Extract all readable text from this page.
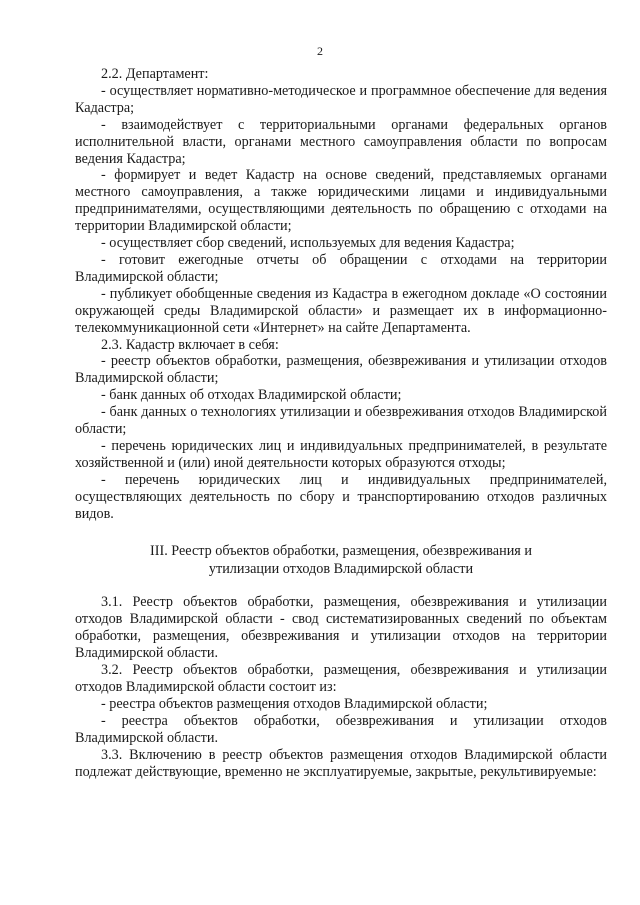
2

2.2. Департамент:

- осуществляет нормативно-методическое и программное обеспечение для ведения Кадастра;

- взаимодействует с территориальными органами федеральных органов исполнительной власти, органами местного самоуправления области по вопросам ведения Кадастра;

- формирует и ведет Кадастр на основе сведений, представляемых органами местного самоуправления, а также юридическими лицами и индивидуальными предпринимателями, осуществляющими деятельность по обращению с отходами на территории Владимирской области;

- осуществляет сбор сведений, используемых для ведения Кадастра;

- готовит ежегодные отчеты об обращении с отходами на территории Владимирской области;

- публикует обобщенные сведения из Кадастра в ежегодном докладе «О состоянии окружающей среды Владимирской области» и размещает их в информационно-телекоммуникационной сети «Интернет» на сайте Департамента.

2.3. Кадастр включает в себя:

- реестр объектов обработки, размещения, обезвреживания и утилизации отходов Владимирской области;

- банк данных об отходах Владимирской области;

- банк данных о технологиях утилизации и обезвреживания отходов Владимирской области;

- перечень юридических лиц и индивидуальных предпринимателей, в результате хозяйственной и (или) иной деятельности которых образуются отходы;

- перечень юридических лиц и индивидуальных предпринимателей, осуществляющих деятельность по сбору и транспортированию отходов различных видов.

III. Реестр объектов обработки, размещения, обезвреживания и
утилизации отходов Владимирской области

3.1. Реестр объектов обработки, размещения, обезвреживания и утилизации отходов Владимирской области - свод систематизированных сведений по объектам обработки, размещения, обезвреживания и утилизации отходов на территории Владимирской области.

3.2. Реестр объектов обработки, размещения, обезвреживания и утилизации отходов Владимирской области состоит из:

- реестра объектов размещения отходов Владимирской области;

- реестра объектов обработки, обезвреживания и утилизации отходов Владимирской области.

3.3. Включению в реестр объектов размещения отходов Владимирской области подлежат действующие, временно не эксплуатируемые, закрытые, рекультивируемые:
